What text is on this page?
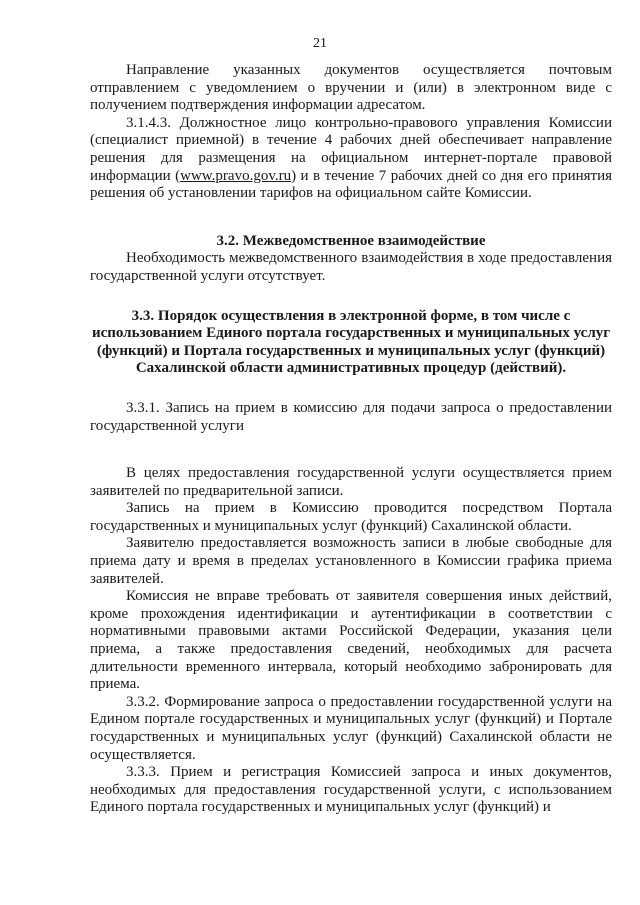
21

Направление указанных документов осуществляется почтовым отправлением с уведомлением о вручении и (или) в электронном виде с получением подтверждения информации адресатом.

3.1.4.3. Должностное лицо контрольно-правового управления Комиссии (специалист приемной) в течение 4 рабочих дней обеспечивает направление решения для размещения на официальном интернет-портале правовой информации (www.pravo.gov.ru) и в течение 7 рабочих дней со дня его принятия решения об установлении тарифов на официальном сайте Комиссии.

3.2. Межведомственное взаимодействие

Необходимость межведомственного взаимодействия в ходе предоставления государственной услуги отсутствует.

3.3. Порядок осуществления в электронной форме, в том числе с использованием Единого портала государственных и муниципальных услуг (функций) и Портала государственных и муниципальных услуг (функций) Сахалинской области административных процедур (действий).

3.3.1. Запись на прием в комиссию для подачи запроса о предоставлении государственной услуги

В целях предоставления государственной услуги осуществляется прием заявителей по предварительной записи.

Запись на прием в Комиссию проводится посредством Портала государственных и муниципальных услуг (функций) Сахалинской области.

Заявителю предоставляется возможность записи в любые свободные для приема дату и время в пределах установленного в Комиссии графика приема заявителей.

Комиссия не вправе требовать от заявителя совершения иных действий, кроме прохождения идентификации и аутентификации в соответствии с нормативными правовыми актами Российской Федерации, указания цели приема, а также предоставления сведений, необходимых для расчета длительности временного интервала, который необходимо забронировать для приема.

3.3.2. Формирование запроса о предоставлении государственной услуги на Едином портале государственных и муниципальных услуг (функций) и Портале государственных и муниципальных услуг (функций) Сахалинской области не осуществляется.

3.3.3. Прием и регистрация Комиссией запроса и иных документов, необходимых для предоставления государственной услуги, с использованием Единого портала государственных и муниципальных услуг (функций) и
